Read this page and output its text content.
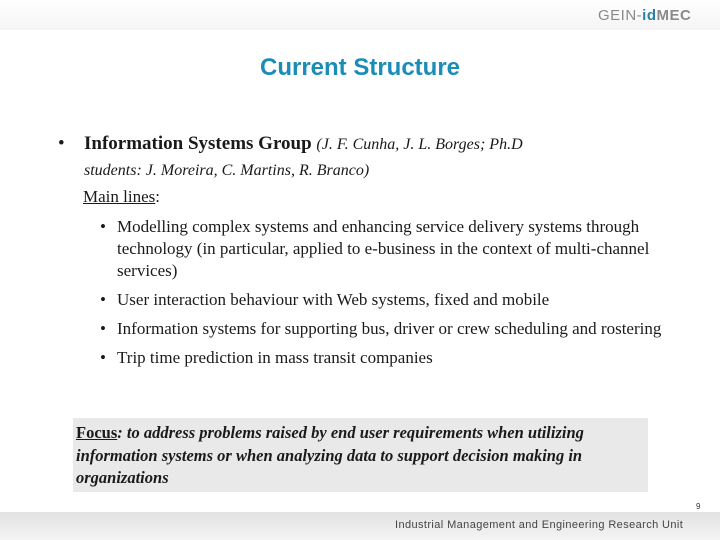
GEIN-idMEC
Current Structure
• Information Systems Group (J. F. Cunha, J. L. Borges; Ph.D
students: J. Moreira, C. Martins, R. Branco)
Main lines:
• Modelling complex systems and enhancing service delivery systems through technology (in particular, applied to e-business in the context of multi-channel services)
• User interaction behaviour with Web systems, fixed and mobile
• Information systems for supporting bus, driver or crew scheduling and rostering
• Trip time prediction in mass transit companies
Focus: to address problems raised by end user requirements when utilizing information systems or when analyzing data to support decision making in organizations
9
Industrial Management and Engineering Research Unit
